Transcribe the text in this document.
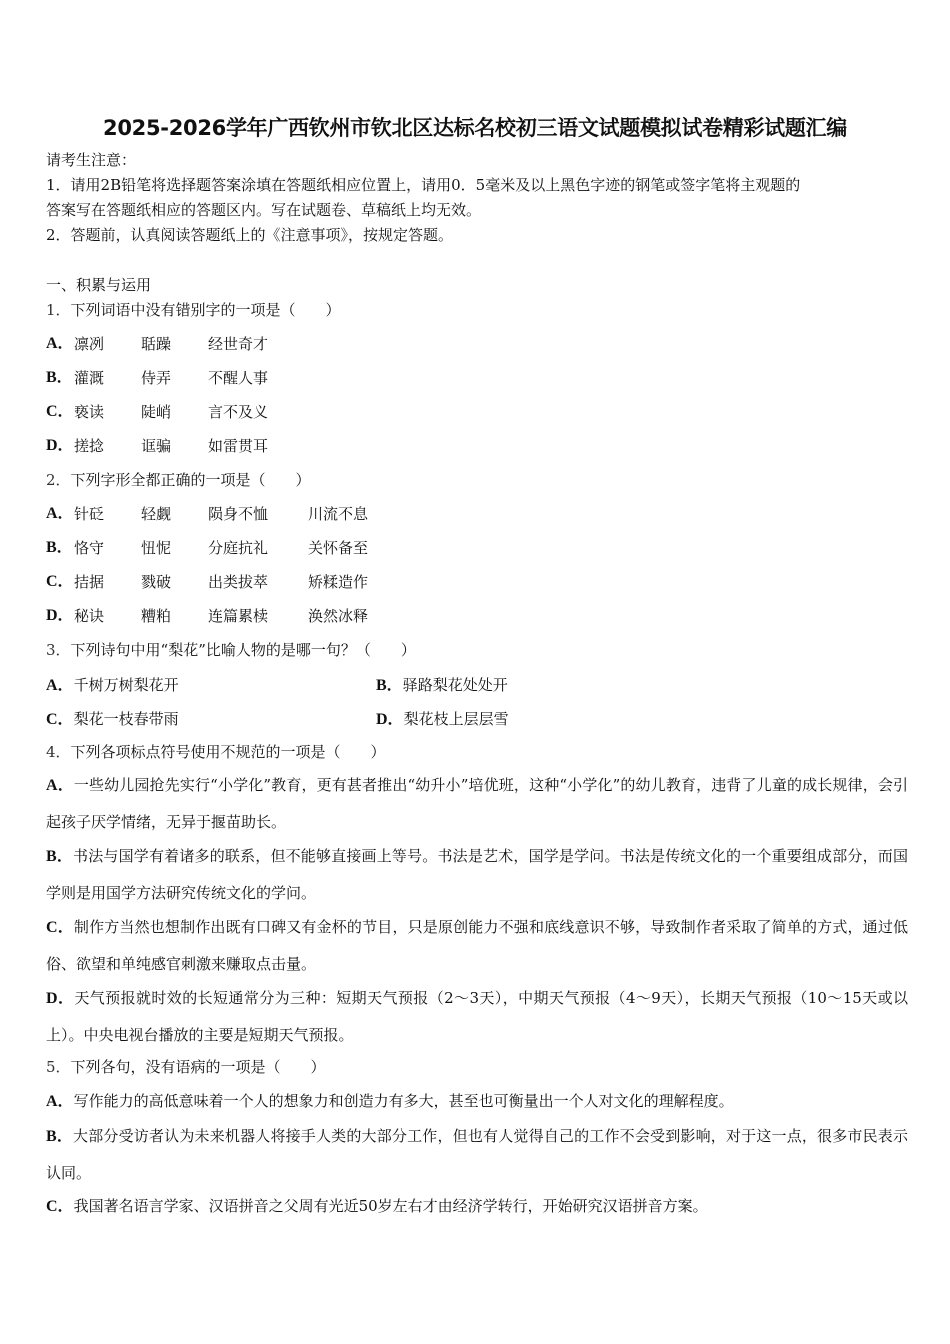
2025-2026学年广西钦州市钦北区达标名校初三语文试题模拟试卷精彩试题汇编
请考生注意：
1．请用2B铅笔将选择题答案涂填在答题纸相应位置上，请用0．5毫米及以上黑色字迹的钢笔或签字笔将主观题的
答案写在答题纸相应的答题区内。写在试题卷、草稿纸上均无效。
2．答题前，认真阅读答题纸上的《注意事项》，按规定答题。
一、积累与运用
1．下列词语中没有错别字的一项是（　　）
A． 凛冽 聒躁 经世奇才
B． 灌溉 侍弄 不醒人事
C． 亵读 陡峭 言不及义
D． 搓捻 诓骗 如雷贯耳
2．下列字形全都正确的一项是（　　）
A． 针砭 轻觑 陨身不恤	川流不息
B． 恪守 忸怩 分庭抗礼	关怀备至
C． 拮据 戮破 出类拔萃	矫糅造作
D． 秘诀 糟粕 连篇累椟	涣然冰释
3．下列诗句中用“梨花”比喻人物的是哪一句？（　　）
A．千树万树梨花开	B．驿路梨花处处开
C．梨花一枝春带雨	D．梨花枝上层层雪
4．下列各项标点符号使用不规范的一项是（　　）
A．一些幼儿园抢先实行“小学化”教育，更有甚者推出“幼升小”培优班，这种“小学化”的幼儿教育，违背了儿童的成长规律，会引起孩子厌学情绪，无异于揠苗助长。
B．书法与国学有着诸多的联系，但不能够直接画上等号。书法是艺术，国学是学问。书法是传统文化的一个重要组成部分，而国学则是用国学方法研究传统文化的学问。
C．制作方当然也想制作出既有口碑又有金杯的节目，只是原创能力不强和底线意识不够，导致制作者采取了简单的方式，通过低俗、欲望和单纯感官刺激来赚取点击量。
D．天气预报就时效的长短通常分为三种：短期天气预报（2～3天），中期天气预报（4～9天），长期天气预报（10～15天或以上）。中央电视台播放的主要是短期天气预报。
5．下列各句，没有语病的一项是（　　）
A．写作能力的高低意味着一个人的想象力和创造力有多大，甚至也可衡量出一个人对文化的理解程度。
B．大部分受访者认为未来机器人将接手人类的大部分工作，但也有人觉得自己的工作不会受到影响，对于这一点，很多市民表示认同。
C．我国著名语言学家、汉语拼音之父周有光近50岁左右才由经济学转行，开始研究汉语拼音方案。
